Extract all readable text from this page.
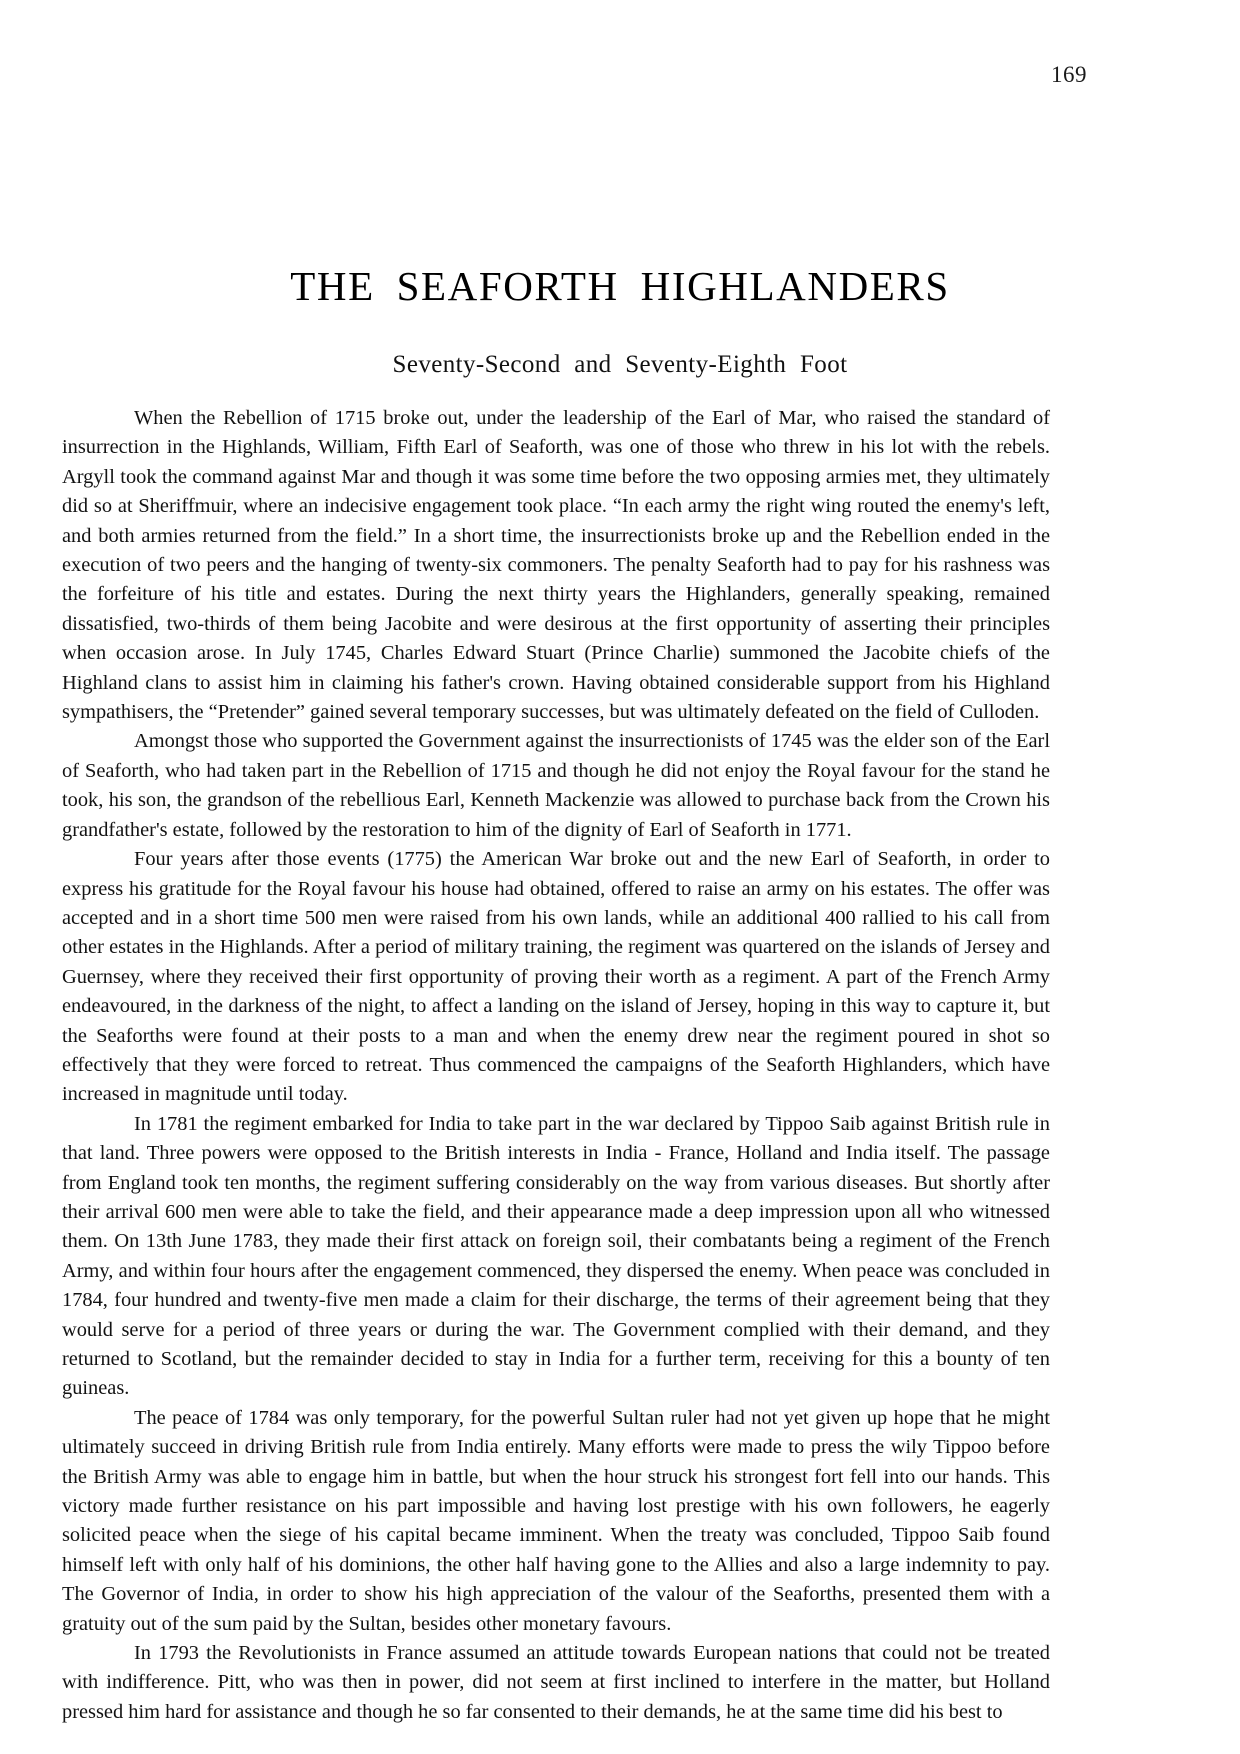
169
THE SEAFORTH HIGHLANDERS
Seventy-Second and Seventy-Eighth Foot

When the Rebellion of 1715 broke out, under the leadership of the Earl of Mar, who raised the standard of insurrection in the Highlands, William, Fifth Earl of Seaforth, was one of those who threw in his lot with the rebels. Argyll took the command against Mar and though it was some time before the two opposing armies met, they ultimately did so at Sheriffmuir, where an indecisive engagement took place. “In each army the right wing routed the enemy's left, and both armies returned from the field.” In a short time, the insurrectionists broke up and the Rebellion ended in the execution of two peers and the hanging of twenty-six commoners. The penalty Seaforth had to pay for his rashness was the forfeiture of his title and estates. During the next thirty years the Highlanders, generally speaking, remained dissatisfied, two-thirds of them being Jacobite and were desirous at the first opportunity of asserting their principles when occasion arose. In July 1745, Charles Edward Stuart (Prince Charlie) summoned the Jacobite chiefs of the Highland clans to assist him in claiming his father's crown. Having obtained considerable support from his Highland sympathisers, the “Pretender” gained several temporary successes, but was ultimately defeated on the field of Culloden.

Amongst those who supported the Government against the insurrectionists of 1745 was the elder son of the Earl of Seaforth, who had taken part in the Rebellion of 1715 and though he did not enjoy the Royal favour for the stand he took, his son, the grandson of the rebellious Earl, Kenneth Mackenzie was allowed to purchase back from the Crown his grandfather's estate, followed by the restoration to him of the dignity of Earl of Seaforth in 1771.

Four years after those events (1775) the American War broke out and the new Earl of Seaforth, in order to express his gratitude for the Royal favour his house had obtained, offered to raise an army on his estates. The offer was accepted and in a short time 500 men were raised from his own lands, while an additional 400 rallied to his call from other estates in the Highlands. After a period of military training, the regiment was quartered on the islands of Jersey and Guernsey, where they received their first opportunity of proving their worth as a regiment. A part of the French Army endeavoured, in the darkness of the night, to affect a landing on the island of Jersey, hoping in this way to capture it, but the Seaforths were found at their posts to a man and when the enemy drew near the regiment poured in shot so effectively that they were forced to retreat. Thus commenced the campaigns of the Seaforth Highlanders, which have increased in magnitude until today.

In 1781 the regiment embarked for India to take part in the war declared by Tippoo Saib against British rule in that land. Three powers were opposed to the British interests in India - France, Holland and India itself. The passage from England took ten months, the regiment suffering considerably on the way from various diseases. But shortly after their arrival 600 men were able to take the field, and their appearance made a deep impression upon all who witnessed them. On 13th June 1783, they made their first attack on foreign soil, their combatants being a regiment of the French Army, and within four hours after the engagement commenced, they dispersed the enemy. When peace was concluded in 1784, four hundred and twenty-five men made a claim for their discharge, the terms of their agreement being that they would serve for a period of three years or during the war. The Government complied with their demand, and they returned to Scotland, but the remainder decided to stay in India for a further term, receiving for this a bounty of ten guineas.

The peace of 1784 was only temporary, for the powerful Sultan ruler had not yet given up hope that he might ultimately succeed in driving British rule from India entirely. Many efforts were made to press the wily Tippoo before the British Army was able to engage him in battle, but when the hour struck his strongest fort fell into our hands. This victory made further resistance on his part impossible and having lost prestige with his own followers, he eagerly solicited peace when the siege of his capital became imminent. When the treaty was concluded, Tippoo Saib found himself left with only half of his dominions, the other half having gone to the Allies and also a large indemnity to pay. The Governor of India, in order to show his high appreciation of the valour of the Seaforths, presented them with a gratuity out of the sum paid by the Sultan, besides other monetary favours.

In 1793 the Revolutionists in France assumed an attitude towards European nations that could not be treated with indifference. Pitt, who was then in power, did not seem at first inclined to interfere in the matter, but Holland pressed him hard for assistance and though he so far consented to their demands, he at the same time did his best to
